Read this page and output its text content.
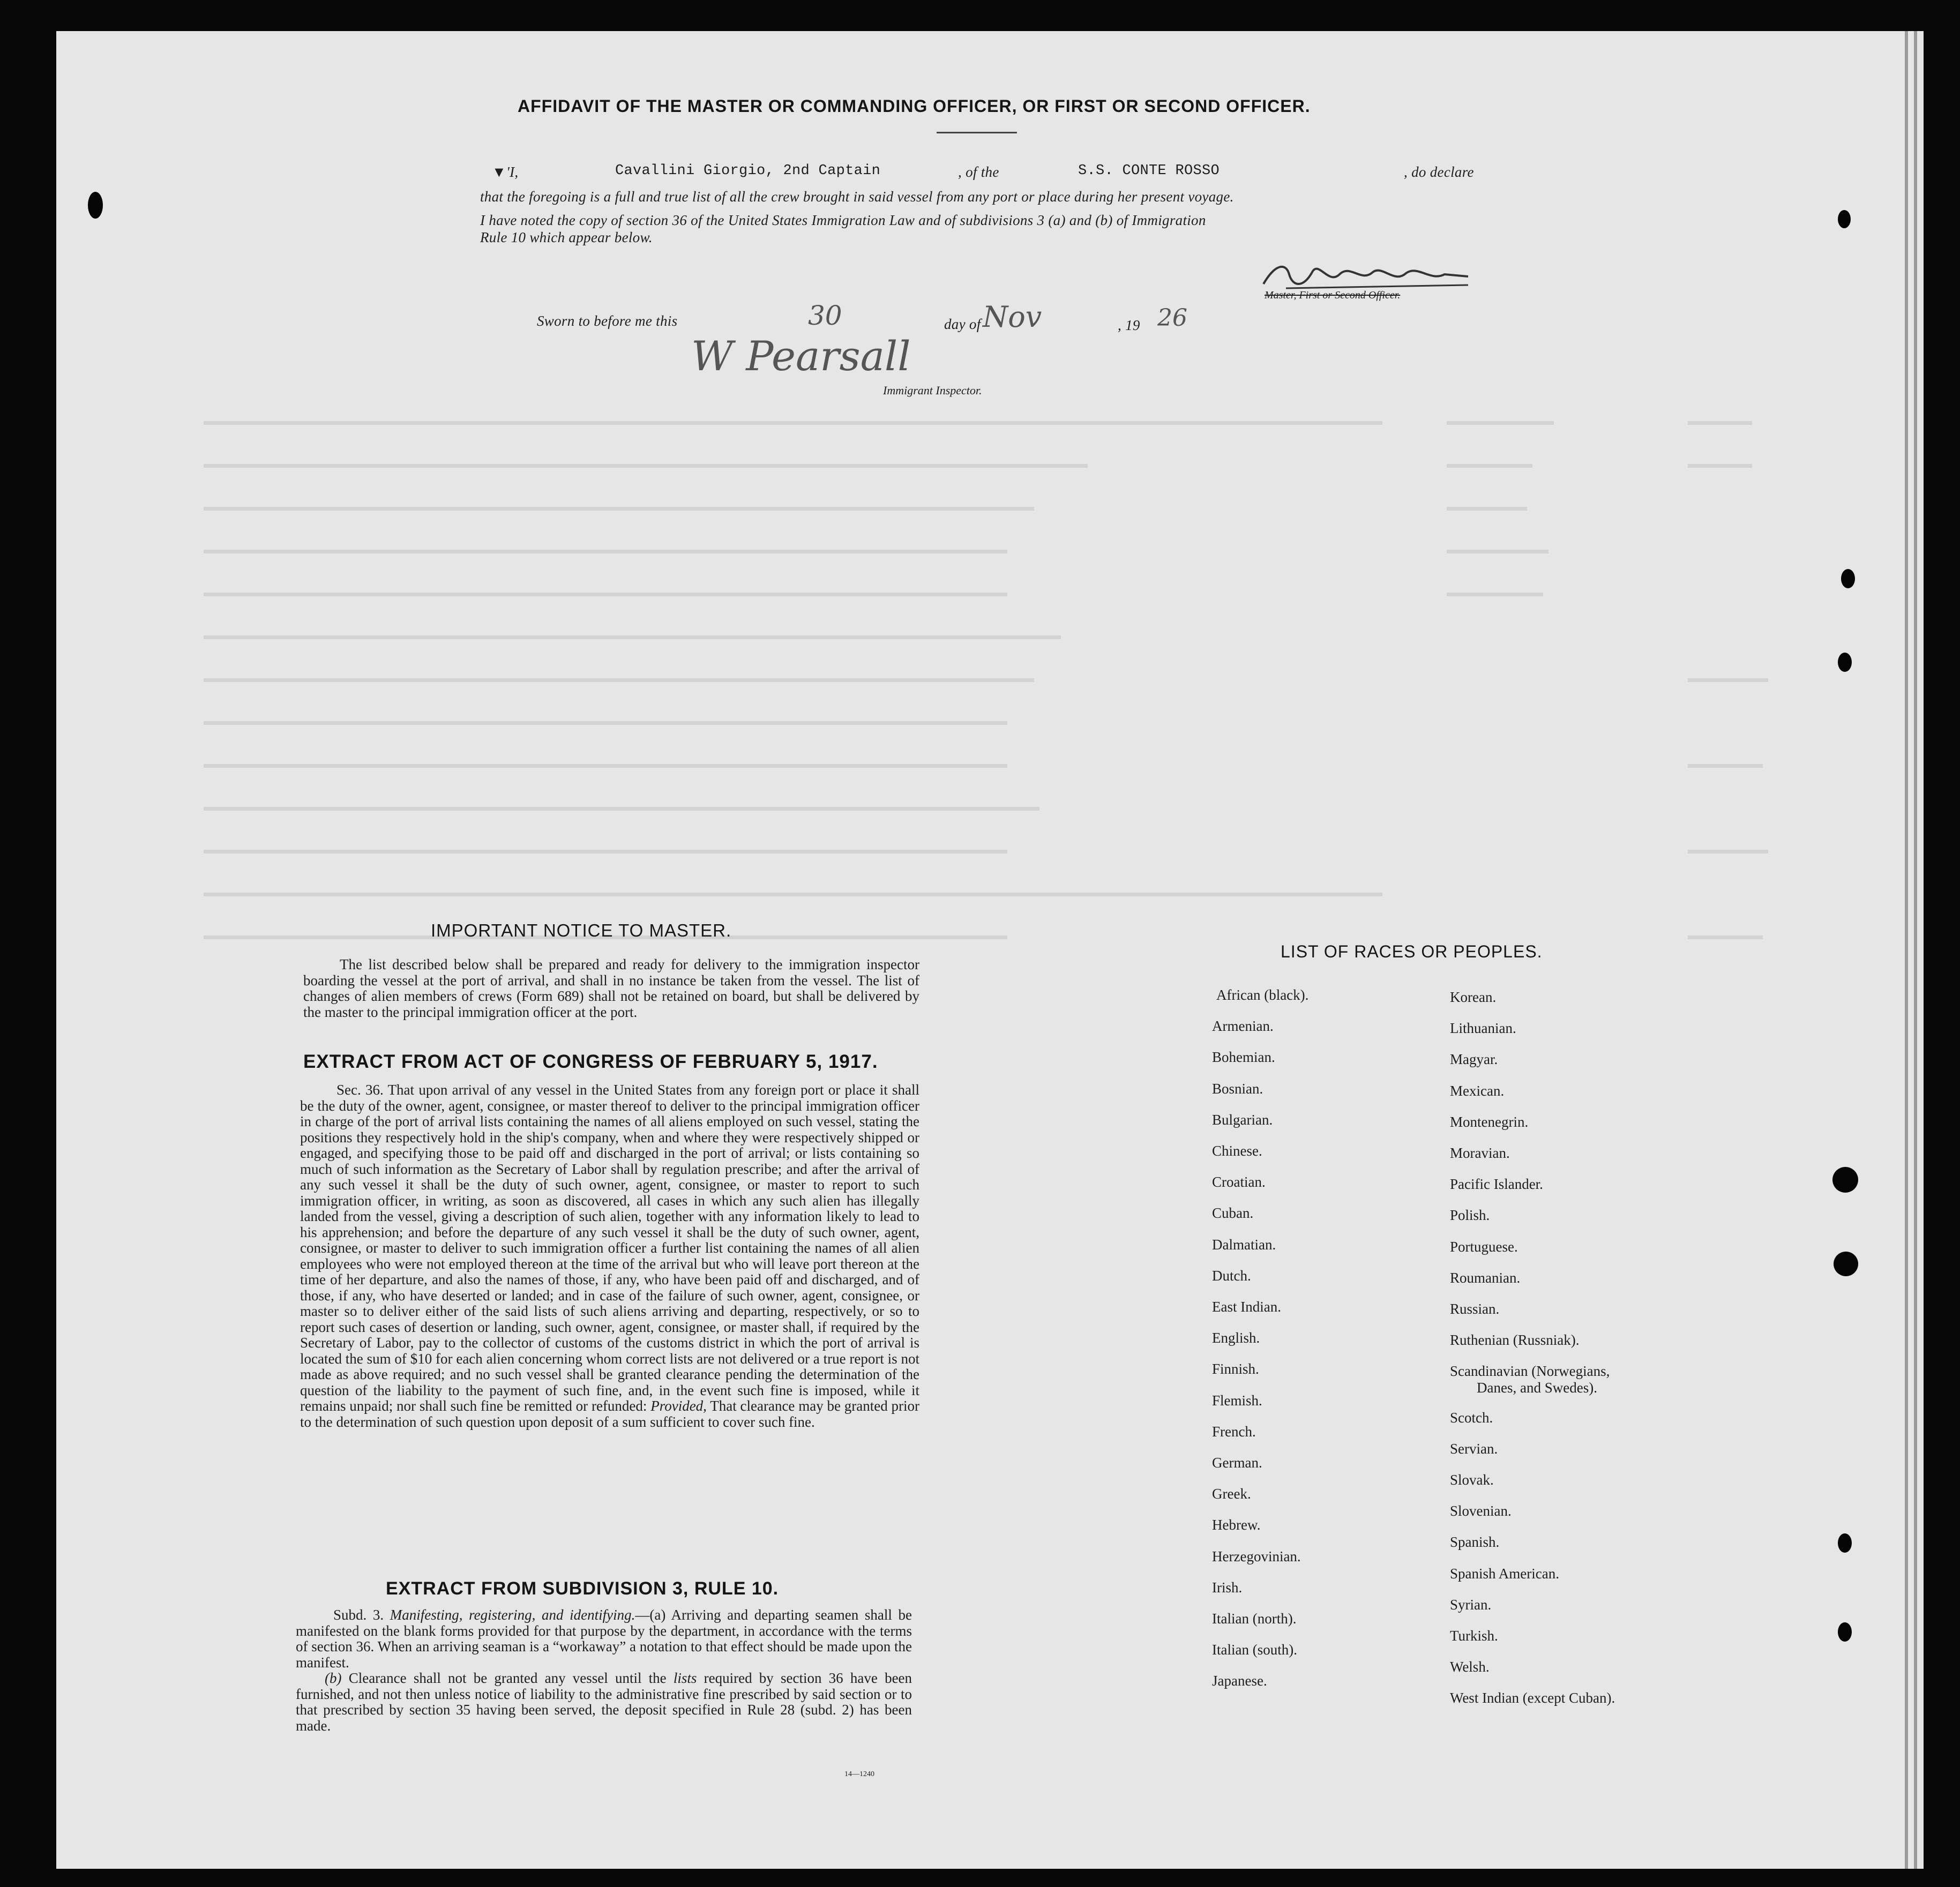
AFFIDAVIT OF THE MASTER OR COMMANDING OFFICER, OR FIRST OR SECOND OFFICER.
▼'I,	Cavallini Giorgio, 2nd Captain	, of the	S.S. CONTE ROSSO	, do declare
that the foregoing is a full and true list of all the crew brought in said vessel from any port or place during her present voyage.
I have noted the copy of section 36 of the United States Immigration Law and of subdivisions 3 (a) and (b) of Immigration
Rule 10 which appear below.
Master, First or Second Officer.
Sworn to before me this	30	day of Nov	, 19 26
W Pearsall
Immigrant Inspector.
IMPORTANT NOTICE TO MASTER.
The list described below shall be prepared and ready for delivery to the immigration inspector boarding the vessel at the port of arrival, and shall in no instance be taken from the vessel. The list of changes of alien members of crews (Form 689) shall not be retained on board, but shall be delivered by the master to the principal immigration officer at the port.
EXTRACT FROM ACT OF CONGRESS OF FEBRUARY 5, 1917.

Sec. 36. That upon arrival of any vessel in the United States from any foreign port or place it shall be the duty of the owner, agent, consignee, or master thereof to deliver to the principal immigration officer in charge of the port of arrival lists containing the names of all aliens employed on such vessel, stating the positions they respectively hold in the ship's company, when and where they were respectively shipped or engaged, and specifying those to be paid off and discharged in the port of arrival; or lists containing so much of such information as the Secretary of Labor shall by regulation prescribe; and after the arrival of any such vessel it shall be the duty of such owner, agent, consignee, or master to report to such immigration officer, in writing, as soon as discovered, all cases in which any such alien has illegally landed from the vessel, giving a description of such alien, together with any information likely to lead to his apprehension; and before the departure of any such vessel it shall be the duty of such owner, agent, consignee, or master to deliver to such immigration officer a further list containing the names of all alien employees who were not employed thereon at the time of the arrival but who will leave port thereon at the time of her departure, and also the names of those, if any, who have been paid off and discharged, and of those, if any, who have deserted or landed; and in case of the failure of such owner, agent, consignee, or master so to deliver either of the said lists of such aliens arriving and departing, respectively, or so to report such cases of desertion or landing, such owner, agent, consignee, or master shall, if required by the Secretary of Labor, pay to the collector of customs of the customs district in which the port of arrival is located the sum of $10 for each alien concerning whom correct lists are not delivered or a true report is not made as above required; and no such vessel shall be granted clearance pending the determination of the question of the liability to the payment of such fine, and, in the event such fine is imposed, while it remains unpaid; nor shall such fine be remitted or refunded: Provided, That clearance may be granted prior to the determination of such question upon deposit of a sum sufficient to cover such fine.

EXTRACT FROM SUBDIVISION 3, RULE 10.

Subd. 3. Manifesting, registering, and identifying.—(a) Arriving and departing seamen shall be manifested on the blank forms provided for that purpose by the department, in accordance with the terms of section 36. When an arriving seaman is a “workaway” a notation to that effect should be made upon the manifest.

(b) Clearance shall not be granted any vessel until the lists required by section 36 have been furnished, and not then unless notice of liability to the administrative fine prescribed by said section or to that prescribed by section 35 having been served, the deposit specified in Rule 28 (subd. 2) has been made.

14—1240
LIST OF RACES OR PEOPLES.
African (black).
Armenian.
Bohemian.
Bosnian.
Bulgarian.
Chinese.
Croatian.
Cuban.
Dalmatian.
Dutch.
East Indian.
English.
Finnish.
Flemish.
French.
German.
Greek.
Hebrew.
Herzegovinian.
Irish.
Italian (north).
Italian (south).
Japanese.
Korean.
Lithuanian.
Magyar.
Mexican.
Montenegrin.
Moravian.
Pacific Islander.
Polish.
Portuguese.
Roumanian.
Russian.
Ruthenian (Russniak).
Scandinavian (Norwegians,
Danes, and Swedes).
Scotch.
Servian.
Slovak.
Slovenian.
Spanish.
Spanish American.
Syrian.
Turkish.
Welsh.
West Indian (except Cuban).
